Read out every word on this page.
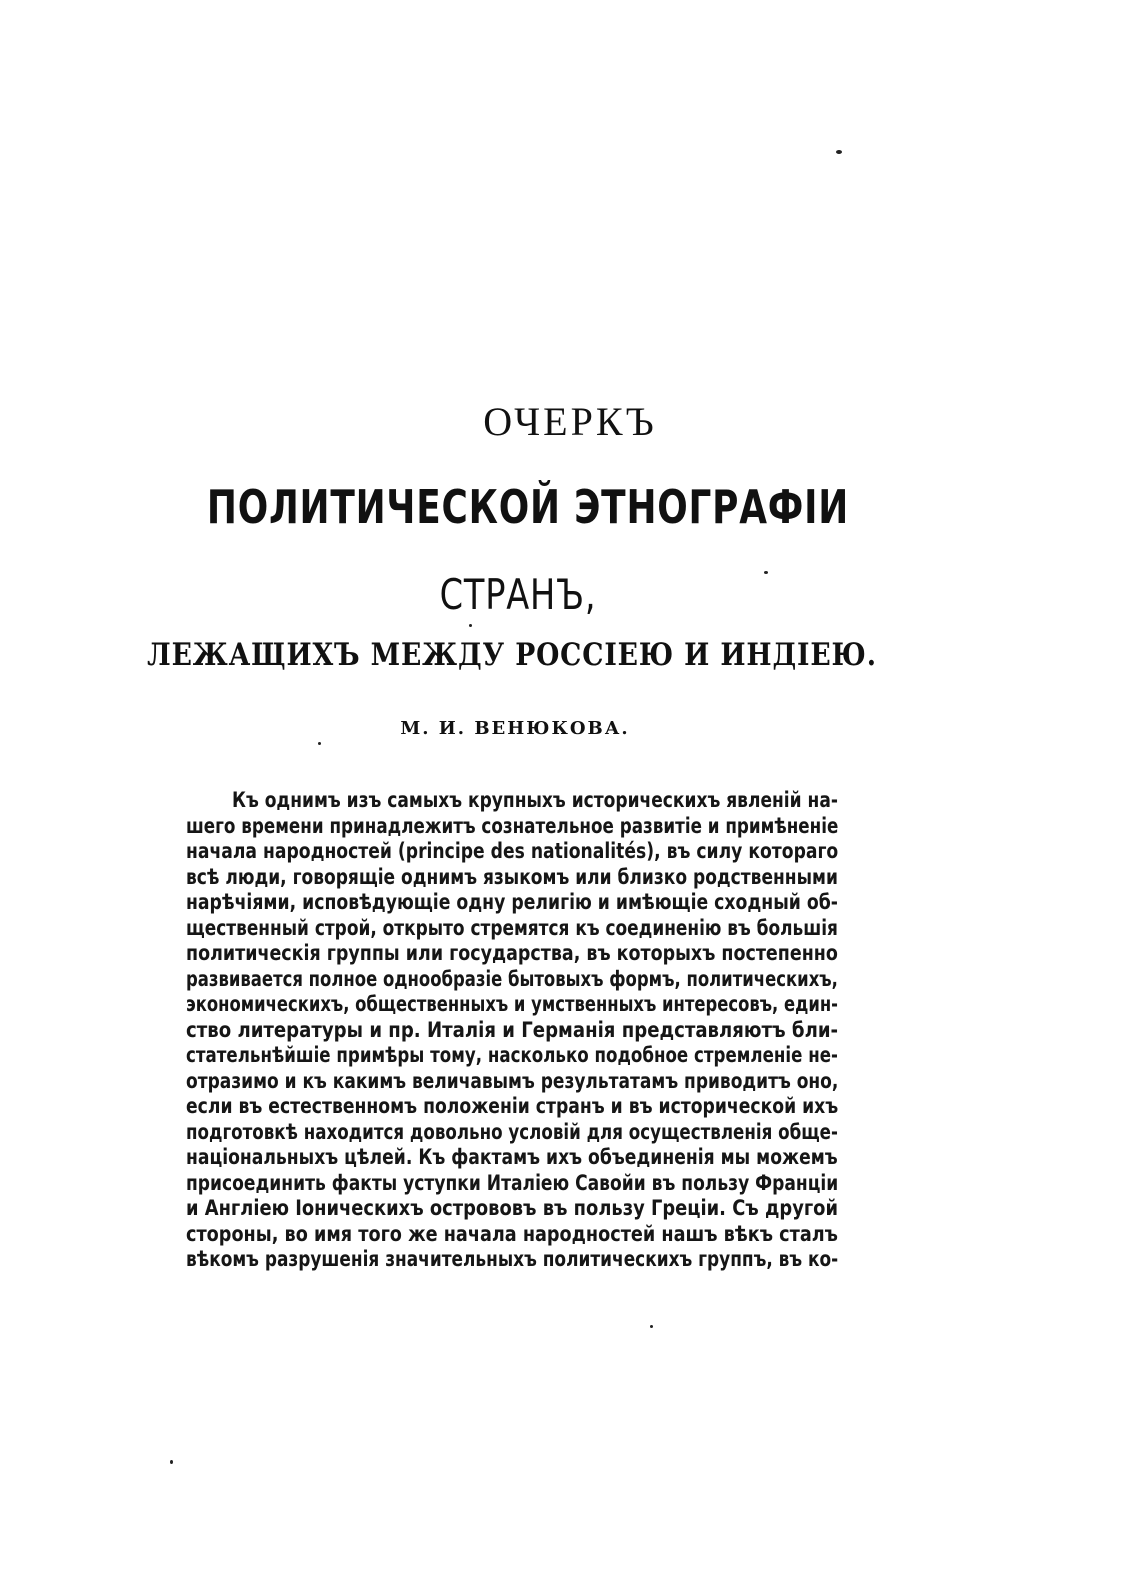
ОЧЕРКЪ
ПОЛИТИЧЕСКОЙ ЭТНОГРАФІИ
СТРАНЪ,
ЛЕЖАЩИХЪ МЕЖДУ РОССІЕЮ И ИНДІЕЮ.
М. И. ВЕНЮКОВА.
Къ однимъ изъ самыхъ крупныхъ историческихъ явленій на-
шего времени принадлежитъ сознательное развитіе и примѣненіе
начала народностей (principe des nationalités), въ силу котораго
всѣ люди, говорящіе однимъ языкомъ или близко родственными
нарѣчіями, исповѣдующіе одну религію и имѣющіе сходный об-
щественный строй, открыто стремятся къ соединенію въ большія
политическія группы или государства, въ которыхъ постепенно
развивается полное однообразіе бытовыхъ формъ, политическихъ,
экономическихъ, общественныхъ и умственныхъ интересовъ, един-
ство литературы и пр. Италія и Германія представляютъ бли-
стательнѣйшіе примѣры тому, насколько подобное стремленіе не-
отразимо и къ какимъ величавымъ результатамъ приводитъ оно,
если въ естественномъ положеніи странъ и въ исторической ихъ
подготовкѣ находится довольно условій для осуществленія обще-
національныхъ цѣлей. Къ фактамъ ихъ объединенія мы можемъ
присоединить факты уступки Италіею Савойи въ пользу Франціи
и Англіею Іоническихъ острововъ въ пользу Греціи. Съ другой
стороны, во имя того же начала народностей нашъ вѣкъ сталъ
вѣкомъ разрушенія значительныхъ политическихъ группъ, въ ко-
